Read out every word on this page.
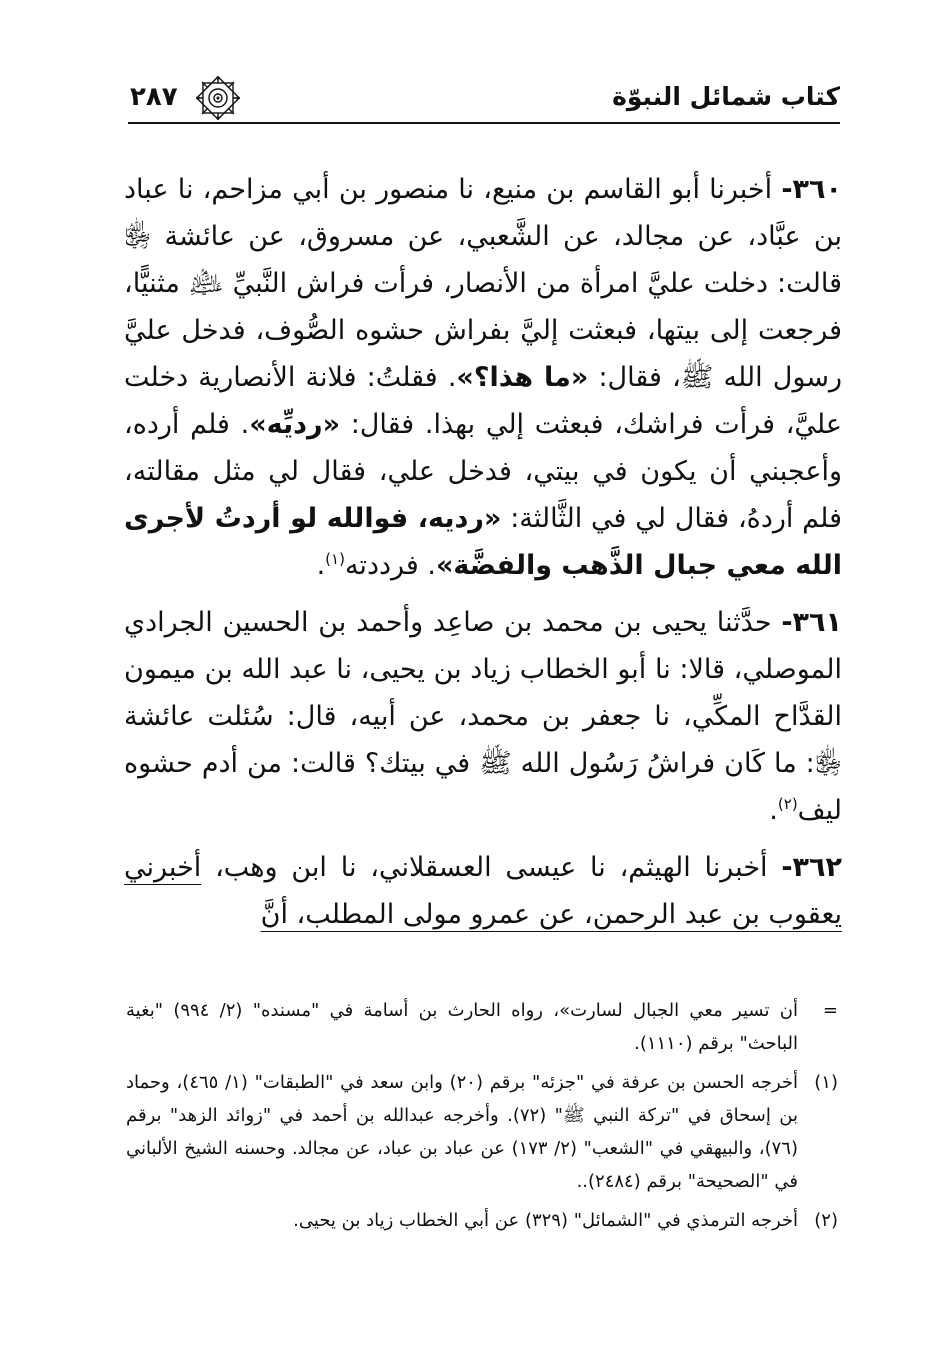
كتاب شمائل النبوّة
٢٨٧

٣٦٠- أخبرنا أبو القاسم بن منيع، نا منصور بن أبي مزاحم، نا عباد بن عبَّاد، عن مجالد، عن الشَّعبي، عن مسروق، عن عائشة ﵂ قالت: دخلت عليَّ امرأة من الأنصار، فرأت فراش النَّبيِّ ﵇ مثنيًّا، فرجعت إلى بيتها، فبعثت إليَّ بفراش حشوه الصُّوف، فدخل عليَّ رسول الله ﷺ، فقال: «ما هذا؟». فقلتُ: فلانة الأنصارية دخلت عليَّ، فرأت فراشك، فبعثت إلي بهذا. فقال: «رديِّه». فلم أرده، وأعجبني أن يكون في بيتي، فدخل علي، فقال لي مثل مقالته، فلم أردهُ، فقال لي في الثَّالثة: «رديه، فوالله لو أردتُ لأجرى الله معي جبال الذَّهب والفضَّة». فرددته$^{(١)}$.

٣٦١- حدَّثنا يحيى بن محمد بن صاعِد وأحمد بن الحسين الجرادي الموصلي، قالا: نا أبو الخطاب زياد بن يحيى، نا عبد الله بن ميمون القدَّاح المكِّي، نا جعفر بن محمد، عن أبيه، قال: سُئلت عائشة ﵂: ما كَان فراشُ رَسُول الله ﷺ في بيتك؟ قالت: من أدم حشوه ليف$^{(٢)}$.

٣٦٢- أخبرنا الهيثم، نا عيسى العسقلاني، نا ابن وهب، أخبرني يعقوب بن عبد الرحمن، عن عمرو مولى المطلب، أنَّ

=
أن تسير معي الجبال لسارت»، رواه الحارث بن أسامة في "مسنده" (٢/ ٩٩٤) "بغية الباحث" برقم (١١١٠).
(١)
أخرجه الحسن بن عرفة في "جزئه" برقم (٢٠) وابن سعد في "الطبقات" (١/ ٤٦٥)، وحماد بن إسحاق في "تركة النبي ﷺ" (٧٢). وأخرجه عبدالله بن أحمد في "زوائد الزهد" برقم (٧٦)، والبيهقي في "الشعب" (٢/ ١٧٣) عن عباد بن عباد، عن مجالد. وحسنه الشيخ الألباني في "الصحيحة" برقم (٢٤٨٤)..
(٢)
أخرجه الترمذي في "الشمائل" (٣٢٩) عن أبي الخطاب زياد بن يحيى.
